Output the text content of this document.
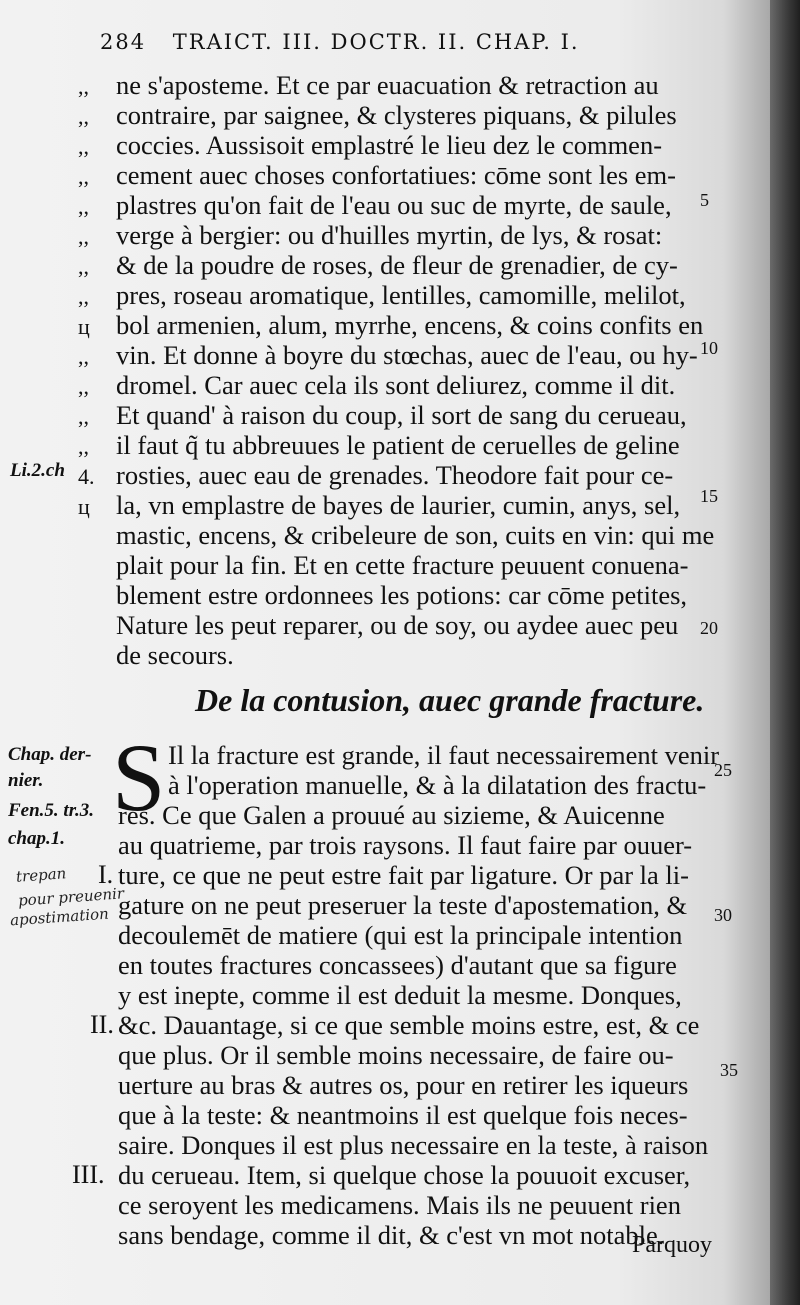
284 TRAICT. III. DOCTR. II. CHAP. I.
,, ne s'aposteme. Et ce par euacuation & retraction au
,, contraire, par saignee, & clysteres piquans, & pilules
,, coccies. Aussisoit emplastré le lieu dez le commen-
,, cement auec choses confortatiues: cōme sont les em-
,, plastres qu'on fait de l'eau ou suc de myrte, de saule,
,, verge à bergier: ou d'huilles myrtin, de lys, & rosat:
,, & de la poudre de roses, de fleur de grenadier, de cy-
,, pres, roseau aromatique, lentilles, camomille, melilot,
ц bol armenien, alum, myrrhe, encens, & coins confits en
,, vin. Et donne à boyre du stœchas, auec de l'eau, ou hy-
,, dromel. Car auec cela ils sont deliurez, comme il dit.
,, Et quand' à raison du coup, il sort de sang du cerueau,
,, il faut q̃ tu abbreuues le patient de ceruelles de geline
4. rosties, auec eau de grenades. Theodore fait pour ce-
ц la, vn emplastre de bayes de laurier, cumin, anys, sel,
mastic, encens, & cribeleure de son, cuits en vin: qui me
plait pour la fin. Et en cette fracture peuuent conuena-
blement estre ordonnees les potions: car cōme petites,
Nature les peut reparer, ou de soy, ou aydee auec peu
de secours.
Li.2.ch
5
10
15
20
De la contusion, auec grande fracture.
S Il la fracture est grande, il faut necessairement venir
à l'operation manuelle, & à la dilatation des fractu-
res. Ce que Galen a prouué au sizieme, & Auicenne
au quatrieme, par trois raysons. Il faut faire par ouuer-
ture, ce que ne peut estre fait par ligature. Or par la li-
gature on ne peut preseruer la teste d'apostemation, &
decoulemēt de matiere (qui est la principale intention
en toutes fractures concassees) d'autant que sa figure
y est inepte, comme il est deduit la mesme. Donques,
&c. Dauantage, si ce que semble moins estre, est, & ce
que plus. Or il semble moins necessaire, de faire ou-
uerture au bras & autres os, pour en retirer les iqueurs
que à la teste: & neantmoins il est quelque fois neces-
saire. Donques il est plus necessaire en la teste, à raison
du cerueau. Item, si quelque chose la pouuoit excuser,
ce seroyent les medicamens. Mais ils ne peuuent rien
sans bendage, comme il dit, & c'est vn mot notable.
I.
II.
III.
Chap. der-
nier.
Fen.5. tr.3.
chap.1.
trepan
pour preuenir
apostimation
25
30
35
Parquoy
